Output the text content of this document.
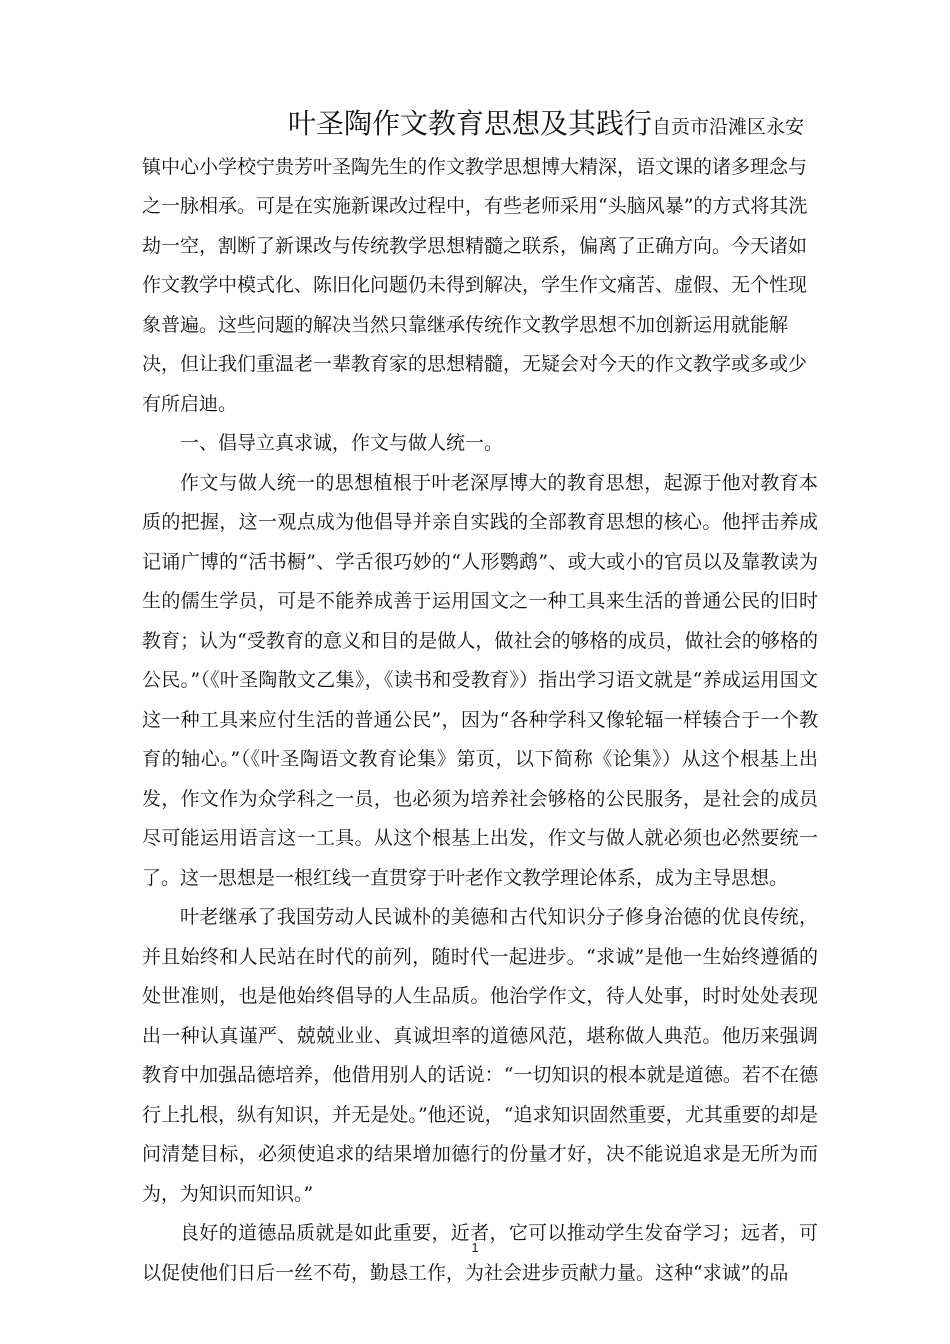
叶圣陶作文教育思想及其践行自贡市沿滩区永安镇中心小学校宁贵芳叶圣陶先生的作文教学思想博大精深，语文课的诸多理念与之一脉相承。可是在实施新课改过程中，有些老师采用“头脑风暴”的方式将其洗劫一空，割断了新课改与传统教学思想精髓之联系，偏离了正确方向。今天诸如作文教学中模式化、陈旧化问题仍未得到解决，学生作文痛苦、虚假、无个性现象普遍。这些问题的解决当然只靠继承传统作文教学思想不加创新运用就能解决，但让我们重温老一辈教育家的思想精髓，无疑会对今天的作文教学或多或少有所启迪。

一、倡导立真求诚，作文与做人统一。

作文与做人统一的思想植根于叶老深厚博大的教育思想，起源于他对教育本质的把握，这一观点成为他倡导并亲自实践的全部教育思想的核心。他抨击养成记诵广博的“活书橱”、学舌很巧妙的“人形鹦鹉”、或大或小的官员以及靠教读为生的儒生学员，可是不能养成善于运用国文之一种工具来生活的普通公民的旧时教育；认为“受教育的意义和目的是做人，做社会的够格的成员，做社会的够格的公民。”（《叶圣陶散文乙集》，《读书和受教育》）指出学习语文就是“养成运用国文这一种工具来应付生活的普通公民”，因为“各种学科又像轮辐一样辏合于一个教育的轴心。”（《叶圣陶语文教育论集》第页，以下简称《论集》）从这个根基上出发，作文作为众学科之一员，也必须为培养社会够格的公民服务，是社会的成员尽可能运用语言这一工具。从这个根基上出发，作文与做人就必须也必然要统一了。这一思想是一根红线一直贯穿于叶老作文教学理论体系，成为主导思想。

叶老继承了我国劳动人民诚朴的美德和古代知识分子修身治德的优良传统，并且始终和人民站在时代的前列，随时代一起进步。“求诚”是他一生始终遵循的处世准则，也是他始终倡导的人生品质。他治学作文，待人处事，时时处处表现出一种认真谨严、兢兢业业、真诚坦率的道德风范，堪称做人典范。他历来强调教育中加强品德培养，他借用别人的话说：“一切知识的根本就是道德。若不在德行上扎根，纵有知识，并无是处。”他还说，“追求知识固然重要，尤其重要的却是问清楚目标，必须使追求的结果增加德行的份量才好，决不能说追求是无所为而为，为知识而知识。”

良好的道德品质就是如此重要，近者，它可以推动学生发奋学习；远者，可以促使他们日后一丝不苟，勤恳工作，为社会进步贡献力量。这种“求诚”的品

1
